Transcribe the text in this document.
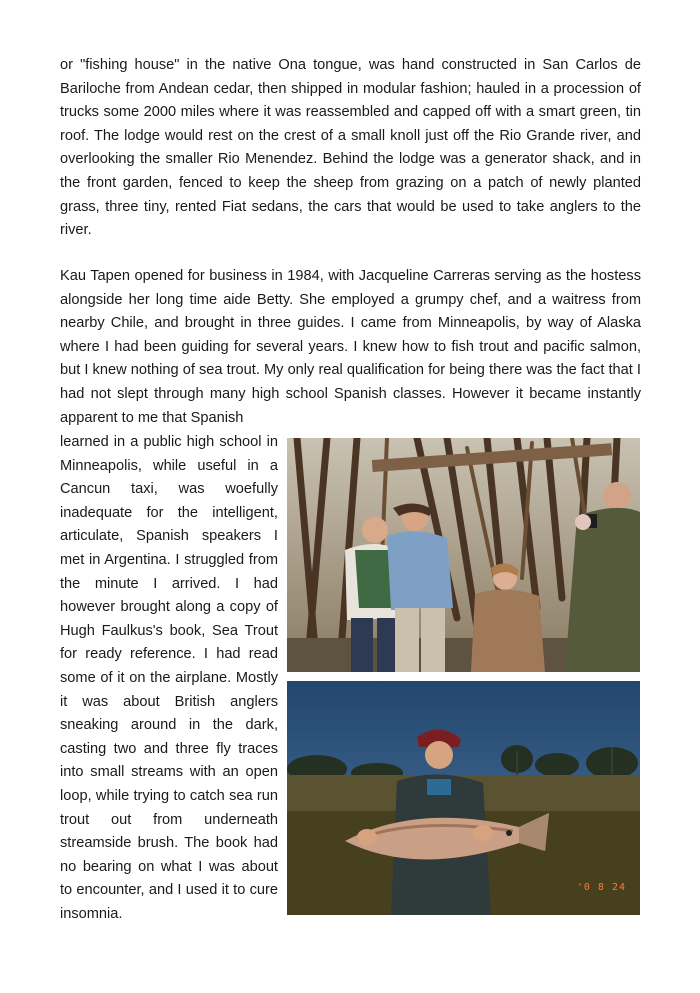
or "fishing house" in the native Ona tongue, was hand constructed in San Carlos de Bariloche from Andean cedar, then shipped in modular fashion; hauled in a procession of trucks some 2000 miles where it was reassembled and capped off with a smart green, tin roof. The lodge would rest on the crest of a small knoll just off the Rio Grande river, and overlooking the smaller Rio Menendez. Behind the lodge was a generator shack, and in the front garden, fenced to keep the sheep from grazing on a patch of newly planted grass, three tiny, rented Fiat sedans, the cars that would be used to take anglers to the river.

Kau Tapen opened for business in 1984, with Jacqueline Carreras serving as the hostess alongside her long time aide Betty. She employed a grumpy chef, and a waitress from nearby Chile, and brought in three guides. I came from Minneapolis, by way of Alaska where I had been guiding for several years. I knew how to fish trout and pacific salmon, but I knew nothing of sea trout. My only real qualification for being there was the fact that I had not slept through many high school Spanish classes. However it became instantly apparent to me that Spanish

learned in a public high school in Minneapolis, while useful in a Cancun taxi, was woefully inadequate for the intelligent, articulate, Spanish speakers I met in Argentina. I struggled from the minute I arrived. I had however brought along a copy of Hugh Faulkus's book, Sea Trout for ready reference. I had read some of it on the airplane. Mostly it was about British anglers sneaking around in the dark, casting two and three fly traces into small streams with an open loop, while trying to catch sea run trout out from underneath streamside brush. The book had no bearing on what I was about to encounter, and I used it to cure insomnia.

'0 8 24
